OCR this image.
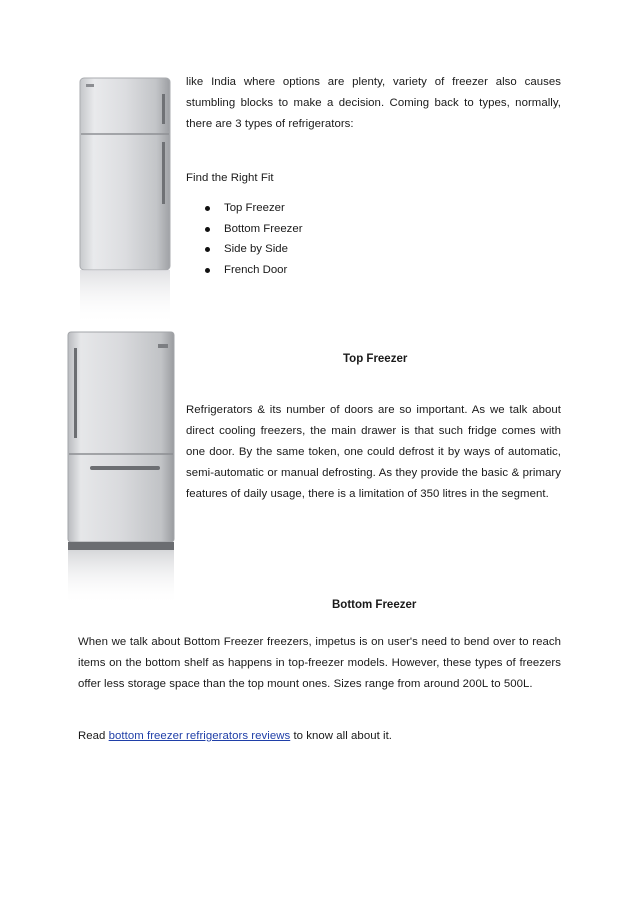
like India where options are plenty, variety of freezer also causes stumbling blocks to make a decision. Coming back to types, normally, there are 3 types of refrigerators:
Find the Right Fit
Top Freezer
Bottom Freezer
Side by Side
French Door
Top Freezer
Refrigerators & its number of doors are so important. As we talk about direct cooling freezers, the main drawer is that such fridge comes with one door. By the same token, one could defrost it by ways of automatic, semi-automatic or manual defrosting. As they provide the basic & primary features of daily usage, there is a limitation of 350 litres in the segment.
Bottom Freezer
When we talk about Bottom Freezer freezers, impetus is on user's need to bend over to reach items on the bottom shelf as happens in top-freezer models. However, these types of freezers offer less storage space than the top mount ones. Sizes range from around 200L to 500L.
Read bottom freezer refrigerators reviews to know all about it.
